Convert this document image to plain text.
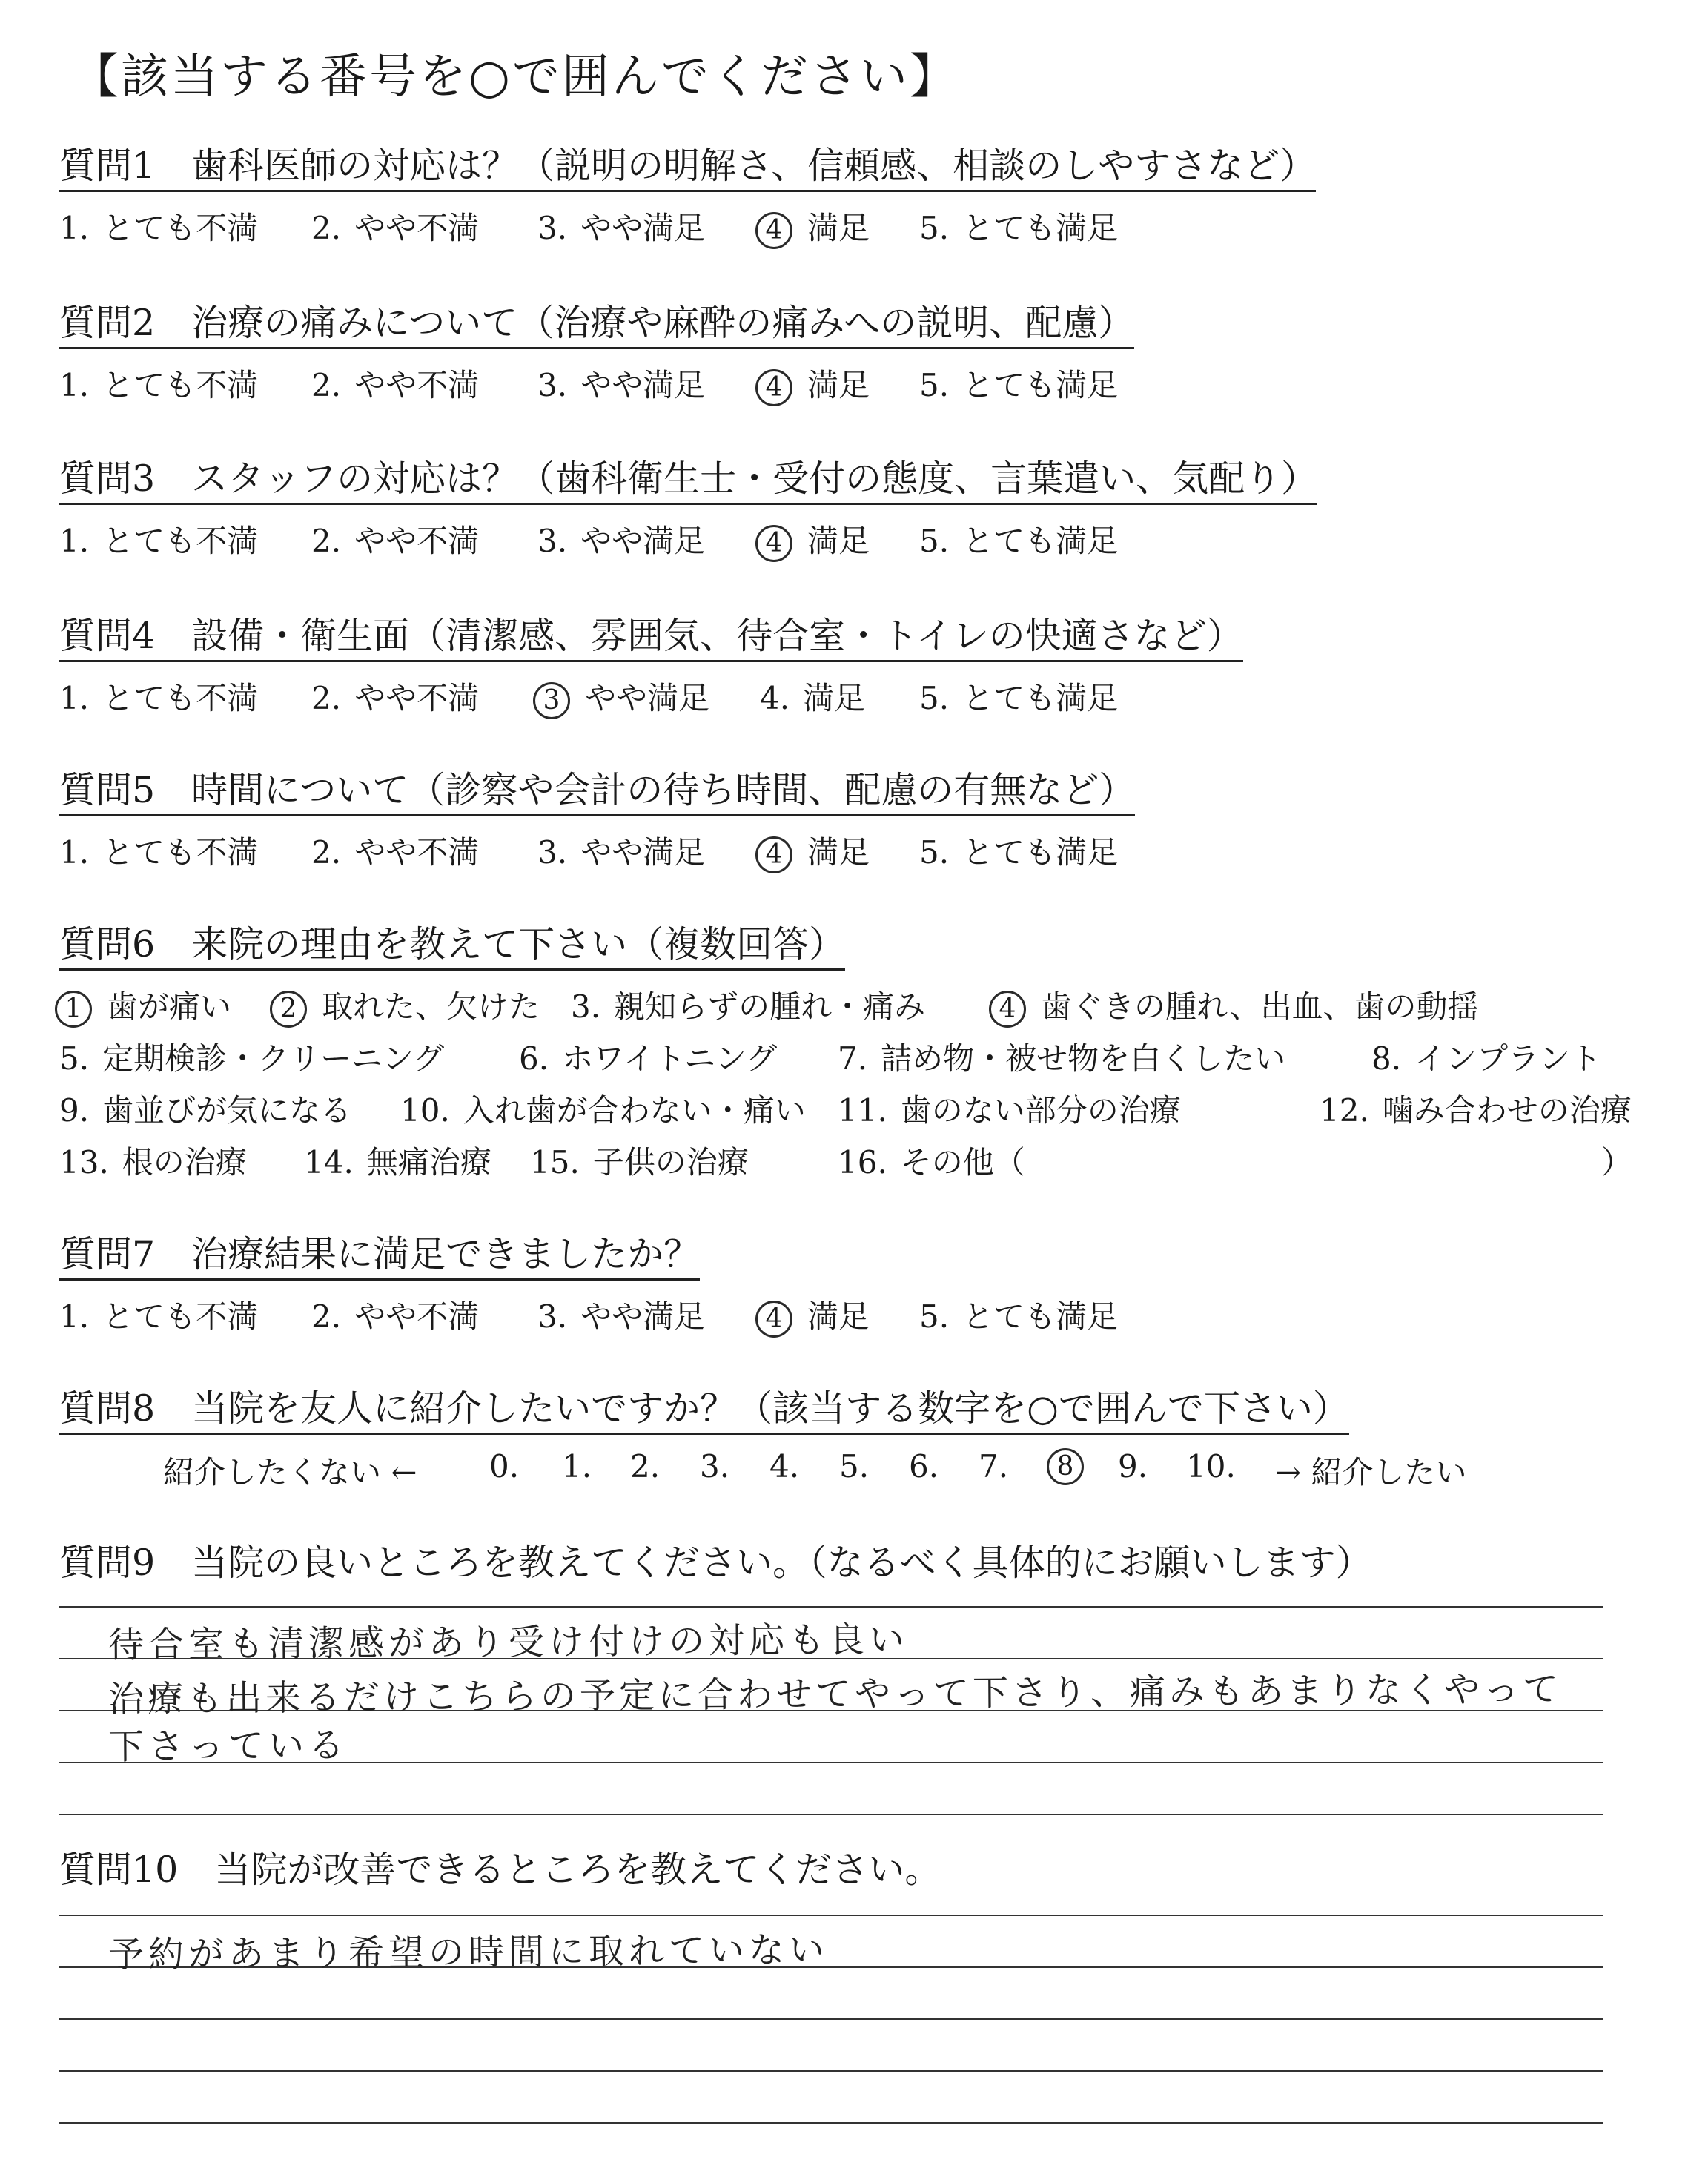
【該当する番号を○で囲んでください】
質問1　歯科医師の対応は？（説明の明解さ、信頼感、相談のしやすさなど）
1. とても不満 2. やや不満 3. やや満足 4 満足 5. とても満足
質問2　治療の痛みについて（治療や麻酔の痛みへの説明、配慮）
1. とても不満 2. やや不満 3. やや満足 4 満足 5. とても満足
質問3　スタッフの対応は？（歯科衛生士・受付の態度、言葉遣い、気配り）
1. とても不満 2. やや不満 3. やや満足 4 満足 5. とても満足
質問4　設備・衛生面（清潔感、雰囲気、待合室・トイレの快適さなど）
1. とても不満 2. やや不満 3 やや満足 4. 満足 5. とても満足
質問5　時間について（診察や会計の待ち時間、配慮の有無など）
1. とても不満 2. やや不満 3. やや満足 4 満足 5. とても満足
質問6　来院の理由を教えて下さい（複数回答）
1 歯が痛い 2 取れた、欠けた 3. 親知らずの腫れ・痛み	4 歯ぐきの腫れ、出血、歯の動揺
5. 定期検診・クリーニング 6. ホワイトニング 7. 詰め物・被せ物を白くしたい	8. インプラント
9. 歯並びが気になる 10. 入れ歯が合わない・痛い 11. 歯のない部分の治療	12. 噛み合わせの治療
13. 根の治療 14. 無痛治療 15. 子供の治療	16. その他（	）
質問7　治療結果に満足できましたか？
1. とても不満 2. やや不満 3. やや満足 4 満足 5. とても満足
質問8　当院を友人に紹介したいですか？（該当する数字を○で囲んで下さい）
紹介したくない ← 0. 1. 2. 3. 4. 5. 6. 7.	8	9. 10. → 紹介したい
質問9　当院の良いところを教えてください。（なるべく具体的にお願いします）
待合室も清潔感があり受け付けの対応も良い
治療も出来るだけこちらの予定に合わせてやって下さり、痛みもあまりなくやって
下さっている
質問10　当院が改善できるところを教えてください。
予約があまり希望の時間に取れていない
